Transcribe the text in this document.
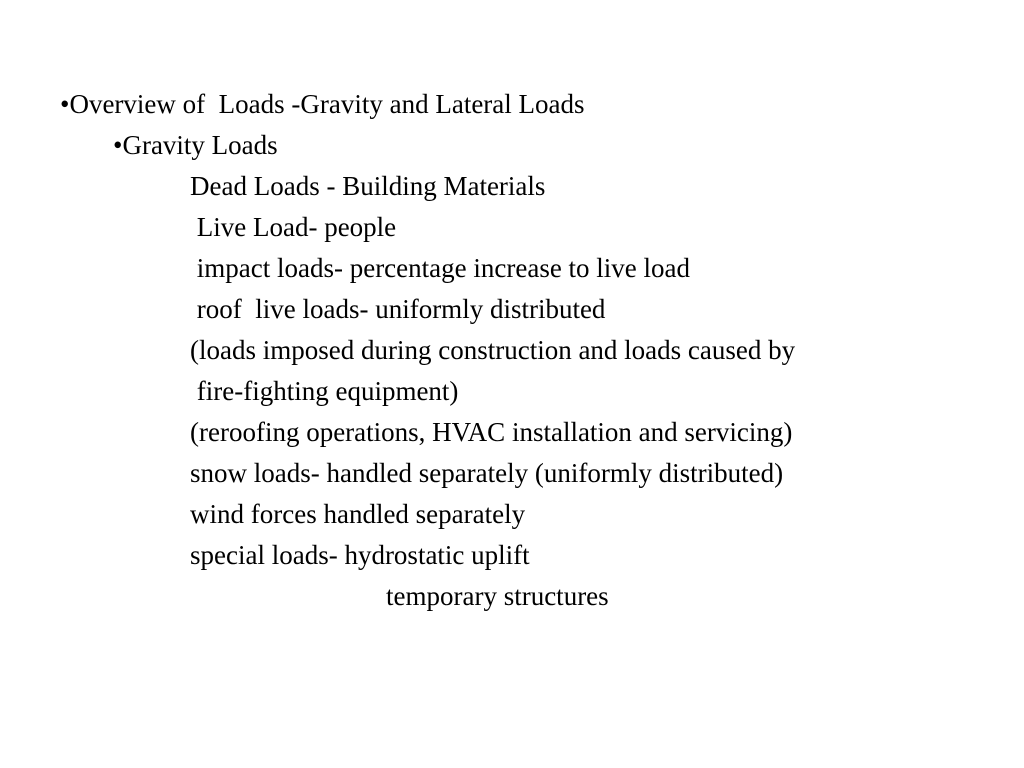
•Overview of  Loads -Gravity and Lateral Loads
•Gravity Loads
Dead Loads - Building Materials
Live Load- people
impact loads- percentage increase to live load
roof  live loads- uniformly distributed
(loads imposed during construction and loads caused by
fire-fighting equipment)
(reroofing operations, HVAC installation and servicing)
snow loads- handled separately (uniformly distributed)
wind forces handled separately
special loads- hydrostatic uplift
temporary structures
